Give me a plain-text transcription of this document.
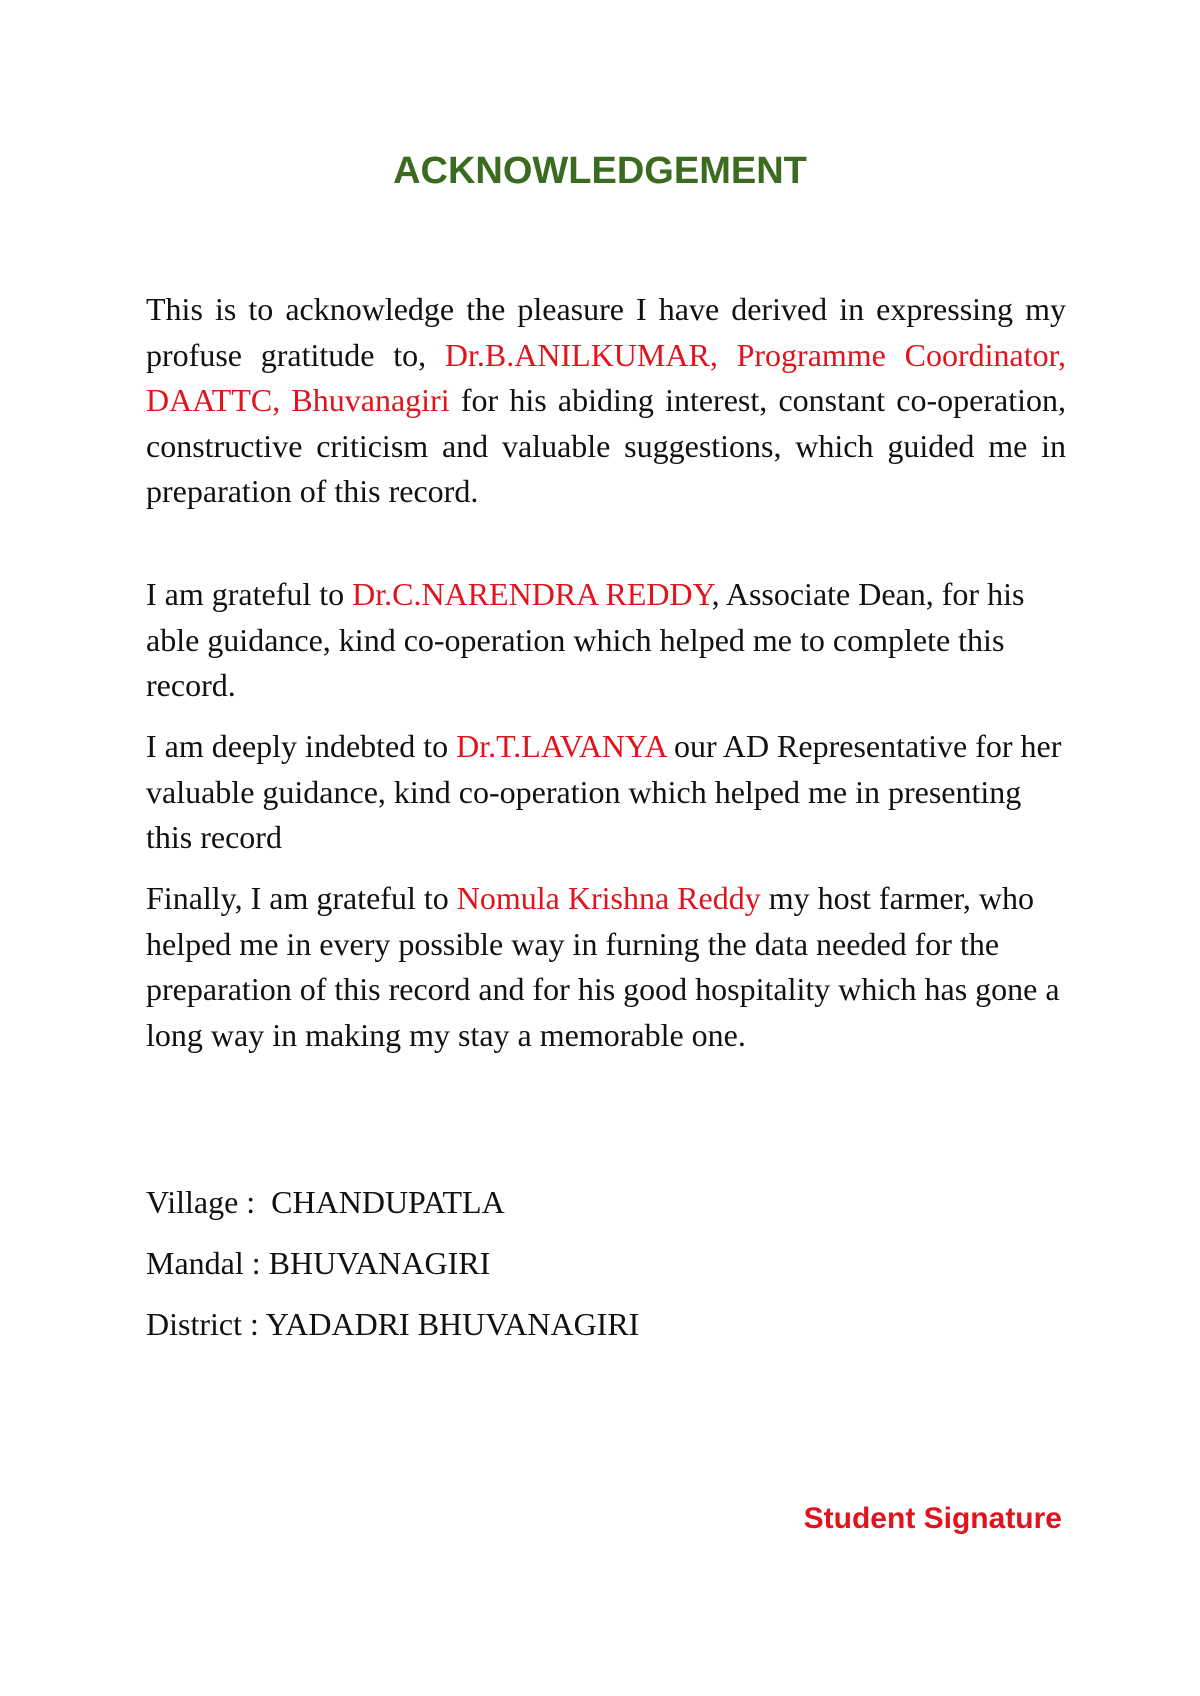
ACKNOWLEDGEMENT

This is to acknowledge the pleasure I have derived in expressing my profuse gratitude to, Dr.B.ANILKUMAR, Programme Coordinator, DAATTC, Bhuvanagiri for his abiding interest, constant co-operation, constructive criticism and valuable suggestions, which guided me in preparation of this record.

I am grateful to Dr.C.NARENDRA REDDY, Associate Dean, for his able guidance, kind co-operation which helped me to complete this record.

I am deeply indebted to Dr.T.LAVANYA our AD Representative for her valuable guidance, kind co-operation which helped me in presenting this record

Finally, I am grateful to Nomula Krishna Reddy my host farmer, who helped me in every possible way in furning the data needed for the preparation of this record and for his good hospitality which has gone a long way in making my stay a memorable one.

Village :  CHANDUPATLA

Mandal : BHUVANAGIRI

District : YADADRI BHUVANAGIRI

Student Signature
